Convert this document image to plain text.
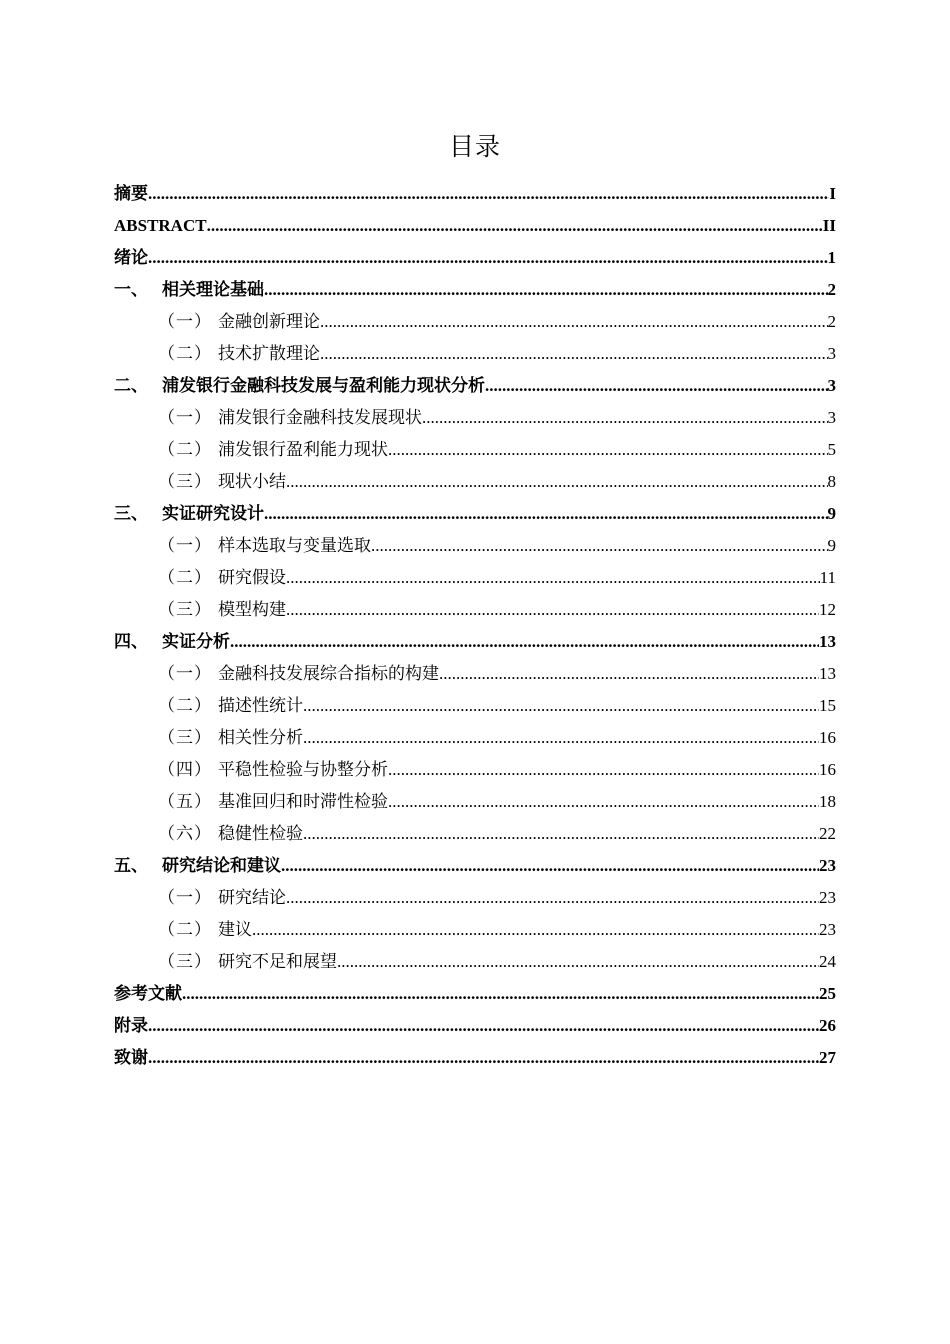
目录
摘要 .....	I
ABSTRACT .....	II
绪论 .....	1
一、 相关理论基础 .....	2
（一） 金融创新理论 .....	2
（二） 技术扩散理论 .....	3
二、 浦发银行金融科技发展与盈利能力现状分析 .....	3
（一） 浦发银行金融科技发展现状 .....	3
（二） 浦发银行盈利能力现状 .....	5
（三） 现状小结 .....	8
三、 实证研究设计 .....	9
（一） 样本选取与变量选取 .....	9
（二） 研究假设 .....	11
（三） 模型构建 .....	12
四、 实证分析 .....	13
（一） 金融科技发展综合指标的构建 .....	13
（二） 描述性统计 .....	15
（三） 相关性分析 .....	16
（四） 平稳性检验与协整分析 .....	16
（五） 基准回归和时滞性检验 .....	18
（六） 稳健性检验 .....	22
五、 研究结论和建议 .....	23
（一） 研究结论 .....	23
（二） 建议 .....	23
（三） 研究不足和展望 .....	24
参考文献 .....	25
附录 .....	26
致谢 .....	27
